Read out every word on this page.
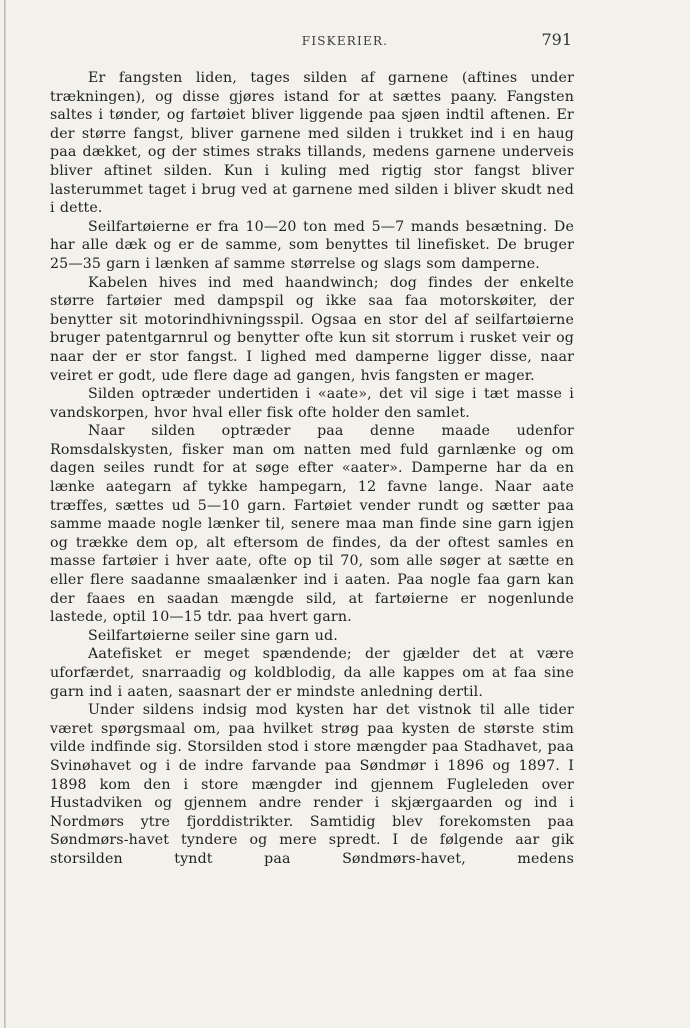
FISKERIER.	791

Er fangsten liden, tages silden af garnene (aftines under trækningen), og disse gjøres istand for at sættes paany. Fangsten saltes i tønder, og fartøiet bliver liggende paa sjøen indtil aftenen. Er der større fangst, bliver garnene med silden i trukket ind i en haug paa dækket, og der stimes straks tillands, medens garnene underveis bliver aftinet silden. Kun i kuling med rigtig stor fangst bliver lasterummet taget i brug ved at garnene med silden i bliver skudt ned i dette.

Seilfartøierne er fra 10—20 ton med 5—7 mands besætning. De har alle dæk og er de samme, som benyttes til linefisket. De bruger 25—35 garn i lænken af samme størrelse og slags som damperne.

Kabelen hives ind med haandwinch; dog findes der enkelte større fartøier med dampspil og ikke saa faa motorskøiter, der benytter sit motorindhivningsspil. Ogsaa en stor del af seilfartøierne bruger patentgarnrul og benytter ofte kun sit storrum i rusket veir og naar der er stor fangst. I lighed med damperne ligger disse, naar veiret er godt, ude flere dage ad gangen, hvis fangsten er mager.

Silden optræder undertiden i «aate», det vil sige i tæt masse i vandskorpen, hvor hval eller fisk ofte holder den samlet.

Naar silden optræder paa denne maade udenfor Romsdalskysten, fisker man om natten med fuld garnlænke og om dagen seiles rundt for at søge efter «aater». Damperne har da en lænke aategarn af tykke hampegarn, 12 favne lange. Naar aate træffes, sættes ud 5—10 garn. Fartøiet vender rundt og sætter paa samme maade nogle lænker til, senere maa man finde sine garn igjen og trække dem op, alt eftersom de findes, da der oftest samles en masse fartøier i hver aate, ofte op til 70, som alle søger at sætte en eller flere saadanne smaalænker ind i aaten. Paa nogle faa garn kan der faaes en saadan mængde sild, at fartøierne er nogenlunde lastede, optil 10—15 tdr. paa hvert garn.

Seilfartøierne seiler sine garn ud.

Aatefisket er meget spændende; der gjælder det at være uforfærdet, snarraadig og koldblodig, da alle kappes om at faa sine garn ind i aaten, saasnart der er mindste anledning dertil.

Under sildens indsig mod kysten har det vistnok til alle tider været spørgsmaal om, paa hvilket strøg paa kysten de største stim vilde indfinde sig. Storsilden stod i store mængder paa Stadhavet, paa Svinøhavet og i de indre farvande paa Søndmør i 1896 og 1897. I 1898 kom den i store mængder ind gjennem Fugleleden over Hustadviken og gjennem andre render i skjærgaarden og ind i Nordmørs ytre fjorddistrikter. Samtidig blev forekomsten paa Søndmørs-havet tyndere og mere spredt. I de følgende aar gik storsilden tyndt paa Søndmørs-havet, medens
